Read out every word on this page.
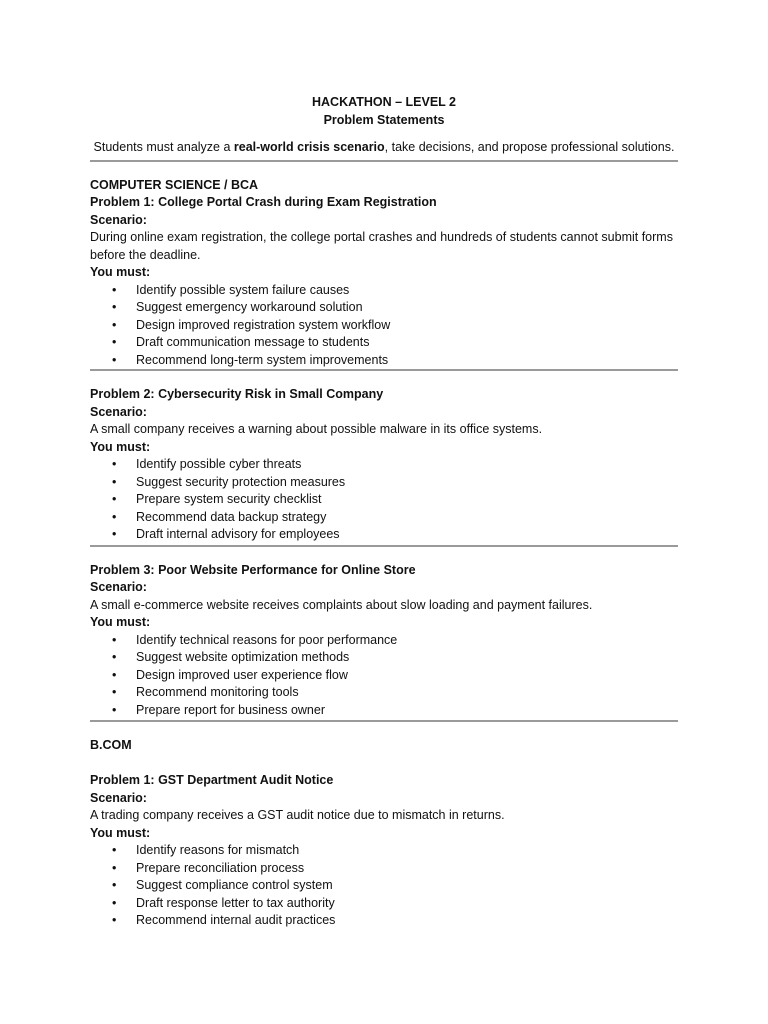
HACKATHON – LEVEL 2
Problem Statements
Students must analyze a real-world crisis scenario, take decisions, and propose professional solutions.
COMPUTER SCIENCE / BCA
Problem 1: College Portal Crash during Exam Registration
Scenario:
During online exam registration, the college portal crashes and hundreds of students cannot submit forms before the deadline.
You must:
• Identify possible system failure causes
• Suggest emergency workaround solution
• Design improved registration system workflow
• Draft communication message to students
• Recommend long-term system improvements
Problem 2: Cybersecurity Risk in Small Company
Scenario:
A small company receives a warning about possible malware in its office systems.
You must:
• Identify possible cyber threats
• Suggest security protection measures
• Prepare system security checklist
• Recommend data backup strategy
• Draft internal advisory for employees
Problem 3: Poor Website Performance for Online Store
Scenario:
A small e-commerce website receives complaints about slow loading and payment failures.
You must:
• Identify technical reasons for poor performance
• Suggest website optimization methods
• Design improved user experience flow
• Recommend monitoring tools
• Prepare report for business owner
B.COM
Problem 1: GST Department Audit Notice
Scenario:
A trading company receives a GST audit notice due to mismatch in returns.
You must:
• Identify reasons for mismatch
• Prepare reconciliation process
• Suggest compliance control system
• Draft response letter to tax authority
• Recommend internal audit practices
